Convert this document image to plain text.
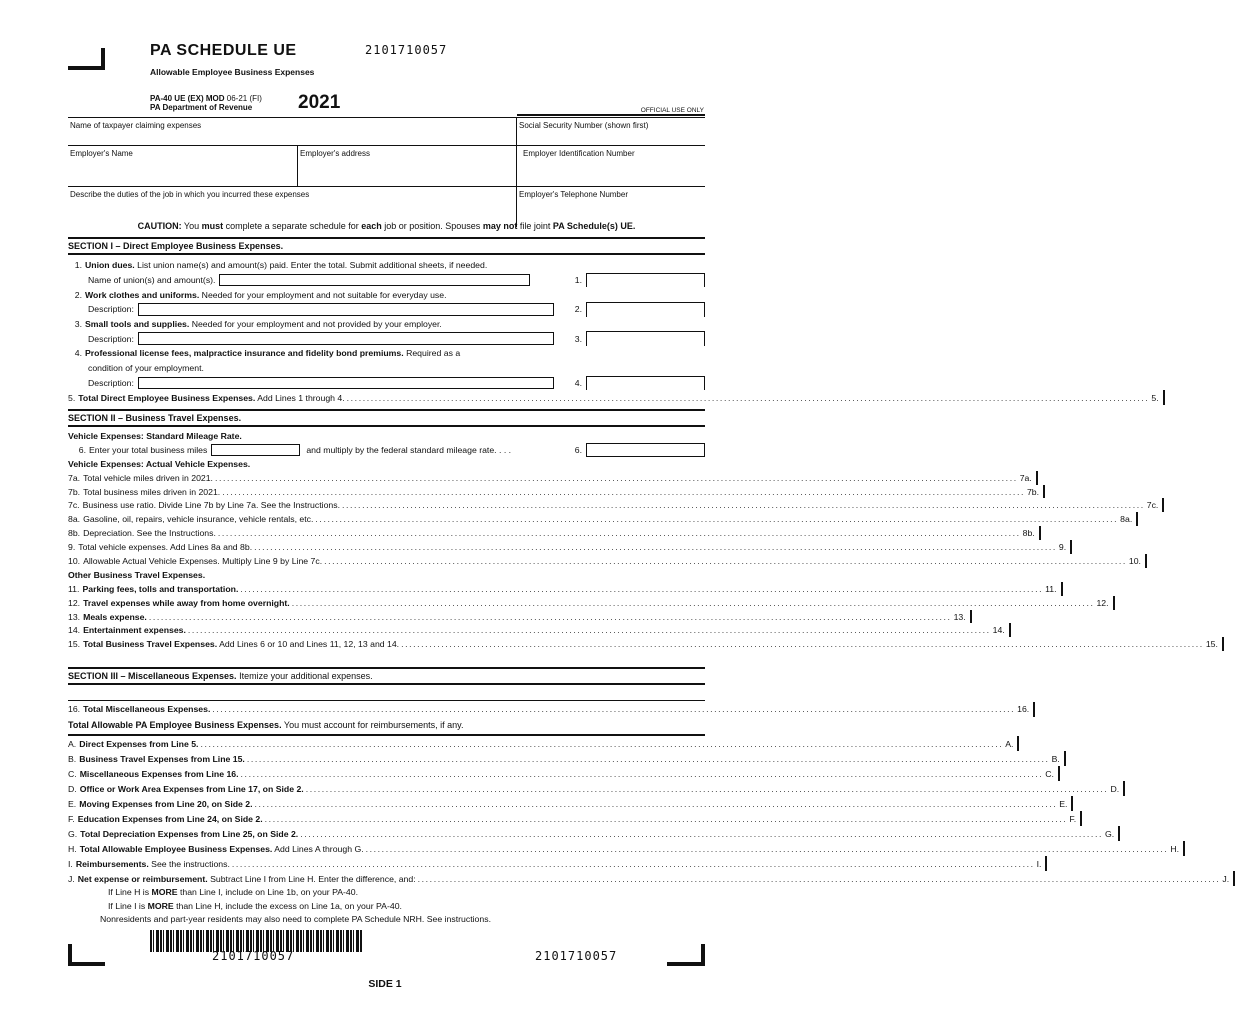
PA SCHEDULE UE	2101710057
Allowable Employee Business Expenses
PA-40 UE (EX) MOD 06-21 (FI)
PA Department of Revenue	2021	OFFICIAL USE ONLY
Name of taxpayer claiming expenses	Social Security Number (shown first)
Employer's Name	Employer's address	Employer Identification Number
Describe the duties of the job in which you incurred these expenses	Employer's Telephone Number
CAUTION: You must complete a separate schedule for each job or position. Spouses may not file joint PA Schedule(s) UE.
SECTION I – Direct Employee Business Expenses.
1. Union dues. List union name(s) and amount(s) paid. Enter the total. Submit additional sheets, if needed.
Name of union(s) and amount(s).	1.
2. Work clothes and uniforms. Needed for your employment and not suitable for everyday use.
Description:	2.
3. Small tools and supplies. Needed for your employment and not provided by your employer.
Description:	3.
4. Professional license fees, malpractice insurance and fidelity bond premiums. Required as a
condition of your employment.
Description:	4.
5. Total Direct Employee Business Expenses. Add Lines 1 through 4. ........................................................................................................................................................................................................ 5.
SECTION II – Business Travel Expenses.
Vehicle Expenses: Standard Mileage Rate.
6. Enter your total business miles	and multiply by the federal standard mileage rate. . . .	6.
Vehicle Expenses: Actual Vehicle Expenses.
7a. Total vehicle miles driven in 2021. ........................................................................................................................................................................................................ 7a.
7b. Total business miles driven in 2021. ........................................................................................................................................................................................................ 7b.
7c. Business use ratio. Divide Line 7b by Line 7a. See the Instructions. ........................................................................................................................................................................................................ 7c.
8a. Gasoline, oil, repairs, vehicle insurance, vehicle rentals, etc. ........................................................................................................................................................................................................ 8a.
8b. Depreciation. See the Instructions. ........................................................................................................................................................................................................ 8b.
9. Total vehicle expenses. Add Lines 8a and 8b. ........................................................................................................................................................................................................ 9.
10. Allowable Actual Vehicle Expenses. Multiply Line 9 by Line 7c. ........................................................................................................................................................................................................ 10.
Other Business Travel Expenses.
11. Parking fees, tolls and transportation. ........................................................................................................................................................................................................ 11.
12. Travel expenses while away from home overnight. ........................................................................................................................................................................................................ 12.
13. Meals expense. ........................................................................................................................................................................................................ 13.
14. Entertainment expenses. ........................................................................................................................................................................................................ 14.
15. Total Business Travel Expenses. Add Lines 6 or 10 and Lines 11, 12, 13 and 14. ........................................................................................................................................................................................................ 15.
SECTION III – Miscellaneous Expenses. Itemize your additional expenses.
16. Total Miscellaneous Expenses. ........................................................................................................................................................................................................ 16.
Total Allowable PA Employee Business Expenses. You must account for reimbursements, if any.
A. Direct Expenses from Line 5. ........................................................................................................................................................................................................ A.
B. Business Travel Expenses from Line 15. ........................................................................................................................................................................................................ B.
C. Miscellaneous Expenses from Line 16. ........................................................................................................................................................................................................ C.
D. Office or Work Area Expenses from Line 17, on Side 2. ........................................................................................................................................................................................................ D.
E. Moving Expenses from Line 20, on Side 2. ........................................................................................................................................................................................................ E.
F. Education Expenses from Line 24, on Side 2. ........................................................................................................................................................................................................ F.
G. Total Depreciation Expenses from Line 25, on Side 2. ........................................................................................................................................................................................................ G.
H. Total Allowable Employee Business Expenses. Add Lines A through G. ........................................................................................................................................................................................................ H.
I. Reimbursements. See the instructions. ........................................................................................................................................................................................................ I.
J. Net expense or reimbursement. Subtract Line I from Line H. Enter the difference, and: ........................................................................................................................................................................................................ J.
If Line H is MORE than Line I, include on Line 1b, on your PA-40.
If Line I is MORE than Line H, include the excess on Line 1a, on your PA-40.
Nonresidents and part-year residents may also need to complete PA Schedule NRH. See instructions.
2101710057	2101710057
SIDE 1
